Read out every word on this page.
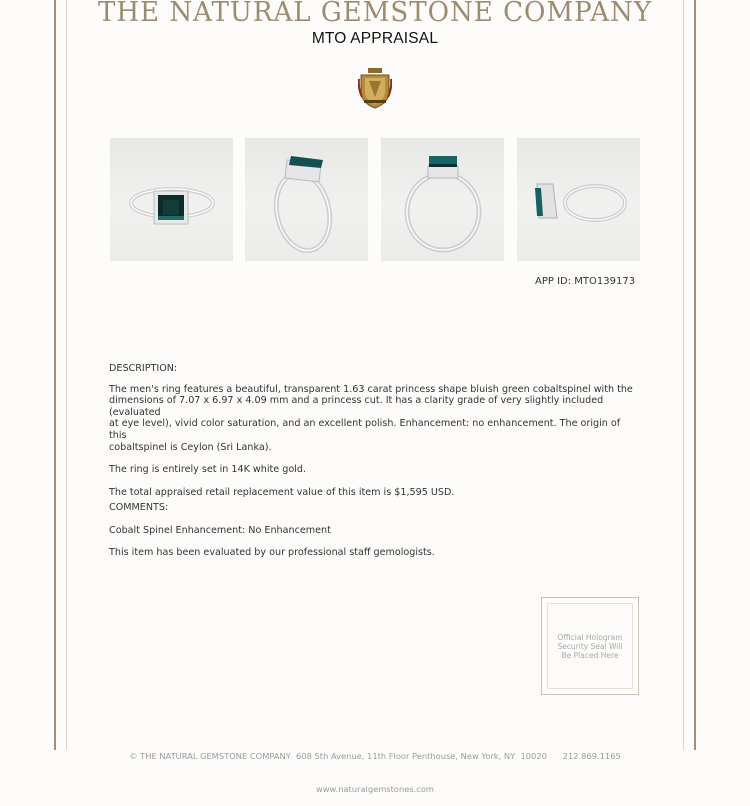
THE NATURAL GEMSTONE COMPANY
MTO APPRAISAL
APP ID: MTO139173

DESCRIPTION:

The men's ring features a beautiful, transparent 1.63 carat princess shape bluish green cobaltspinel with the

dimensions of 7.07 x 6.97 x 4.09 mm and a princess cut. It has a clarity grade of very slightly included (evaluated

at eye level), vivid color saturation, and an excellent polish. Enhancement: no enhancement. The origin of this

cobaltspinel is Ceylon (Sri Lanka).

The ring is entirely set in 14K white gold.

The total appraised retail replacement value of this item is $1,595 USD.

COMMENTS:

Cobalt Spinel Enhancement: No Enhancement

This item has been evaluated by our professional staff gemologists.

Official Hologram
Security Seal Will
Be Placed Here

© THE NATURAL GEMSTONE COMPANY  608 5th Avenue, 11th Floor Penthouse, New York, NY  10020      212.869.1165

www.naturalgemstones.com
